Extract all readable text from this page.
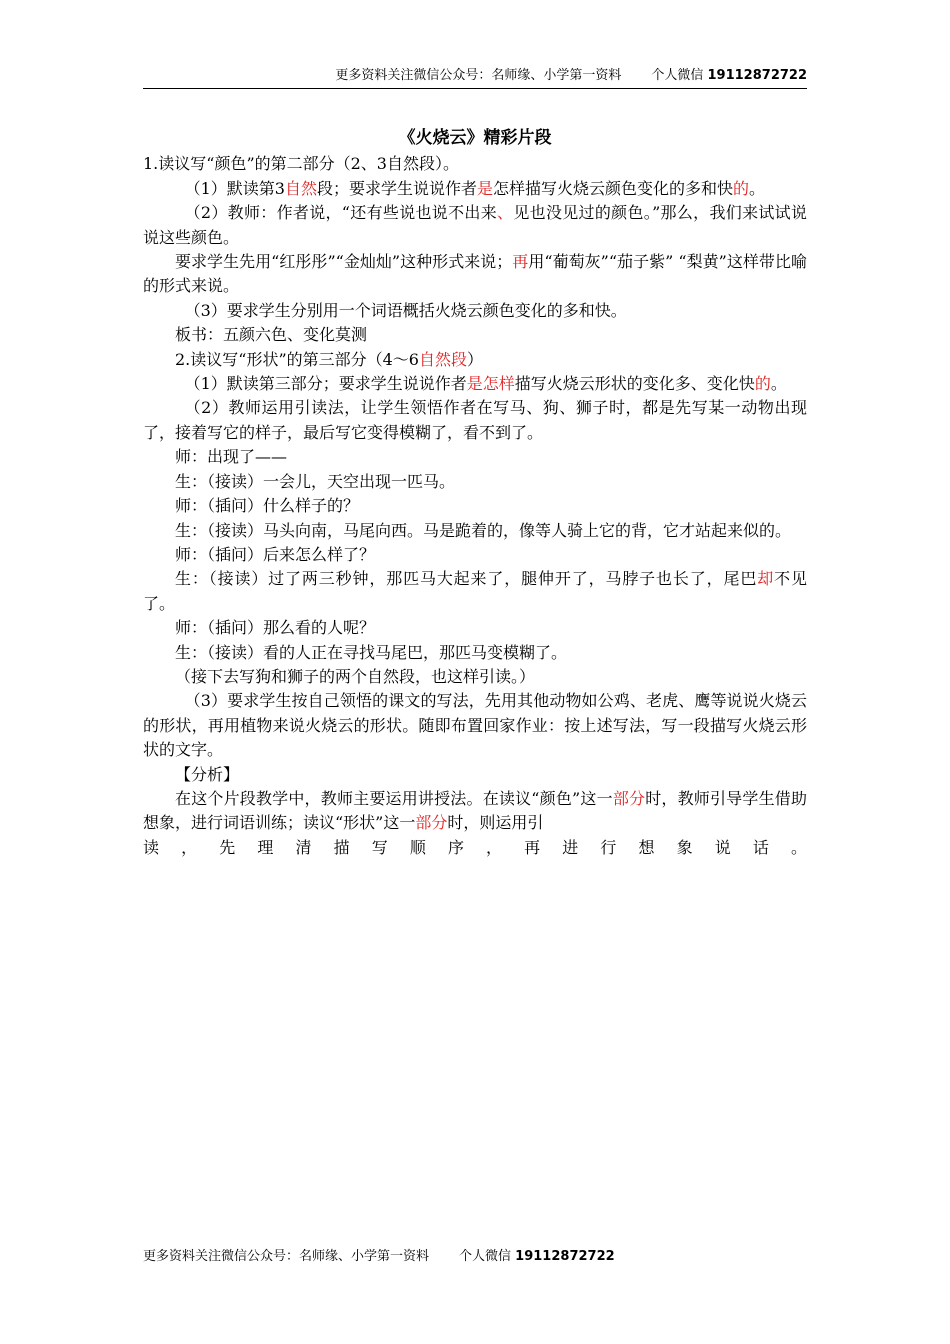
更多资料关注微信公众号：名师缘、小学第一资料 个人微信 19112872722
《火烧云》精彩片段

1.读议写“颜色”的第二部分（2、3自然段）。

（1）默读第3自然段；要求学生说说作者是怎样描写火烧云颜色变化的多和快的。

（2）教师：作者说，“还有些说也说不出来、见也没见过的颜色。”那么，我们来试试说说这些颜色。

要求学生先用“红彤彤”“金灿灿”这种形式来说；再用“葡萄灰”“茄子紫” “梨黄”这样带比喻的形式来说。

（3）要求学生分别用一个词语概括火烧云颜色变化的多和快。

板书：五颜六色、变化莫测

2.读议写“形状”的第三部分（4～6自然段）

（1）默读第三部分；要求学生说说作者是怎样描写火烧云形状的变化多、变化快的。

（2）教师运用引读法，让学生领悟作者在写马、狗、狮子时，都是先写某一动物出现了，接着写它的样子，最后写它变得模糊了，看不到了。

师：出现了——

生：（接读）一会儿，天空出现一匹马。

师：（插问）什么样子的？

生：（接读）马头向南，马尾向西。马是跪着的，像等人骑上它的背，它才站起来似的。

师：（插问）后来怎么样了？

生：（接读）过了两三秒钟，那匹马大起来了，腿伸开了，马脖子也长了，尾巴却不见了。

师：（插问）那么看的人呢？

生：（接读）看的人正在寻找马尾巴，那匹马变模糊了。

（接下去写狗和狮子的两个自然段，也这样引读。）

（3）要求学生按自己领悟的课文的写法，先用其他动物如公鸡、老虎、鹰等说说火烧云的形状，再用植物来说火烧云的形状。随即布置回家作业：按上述写法，写一段描写火烧云形状的文字。

【分析】

在这个片段教学中，教师主要运用讲授法。在读议“颜色”这一部分时，教师引导学生借助想象，进行词语训练；读议“形状”这一部分时，则运用引

读 ， 先 理 清 描 写 顺 序 ， 再 进 行 想 象 说 话 。

更多资料关注微信公众号：名师缘、小学第一资料 个人微信 19112872722
